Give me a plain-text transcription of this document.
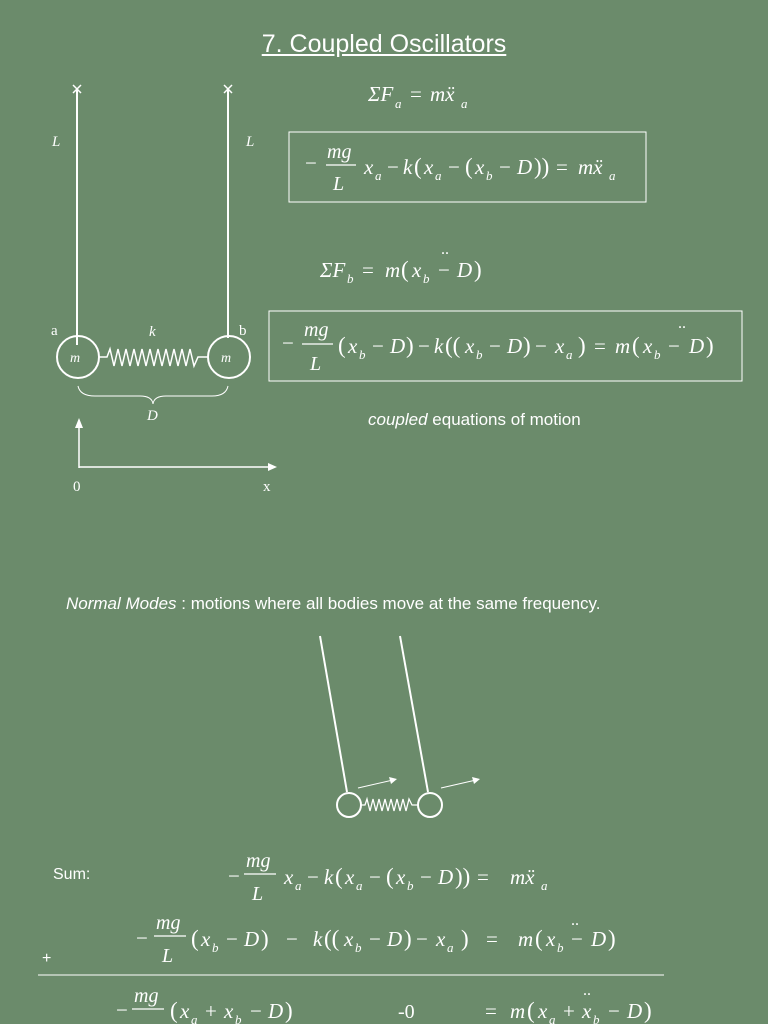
7. Coupled Oscillators
L	L
a	b
m	m
k
D
0	x
ΣF a = mẍ a
− mg
L
x a − k ( x a − ( x b − D )) = mẍ a
ΣF b = m ( x b −
..
D )
−
mg
L
( x b − D ) − k (( x b − D ) − x a ) = m ( x b −
..
D )
−
mg
L
x a − k ( x a − ( x b − D )) = mẍ a
−
mg
L
( x b − D ) − k (( x b − D ) − x a ) = m ( x b −
..
D )
−
mg
( x a + x b − D )	-0	= m ( x a + x
..
b − D )
coupled equations of motion
Normal Modes : motions where all bodies move at the same frequency.
Sum:
+
